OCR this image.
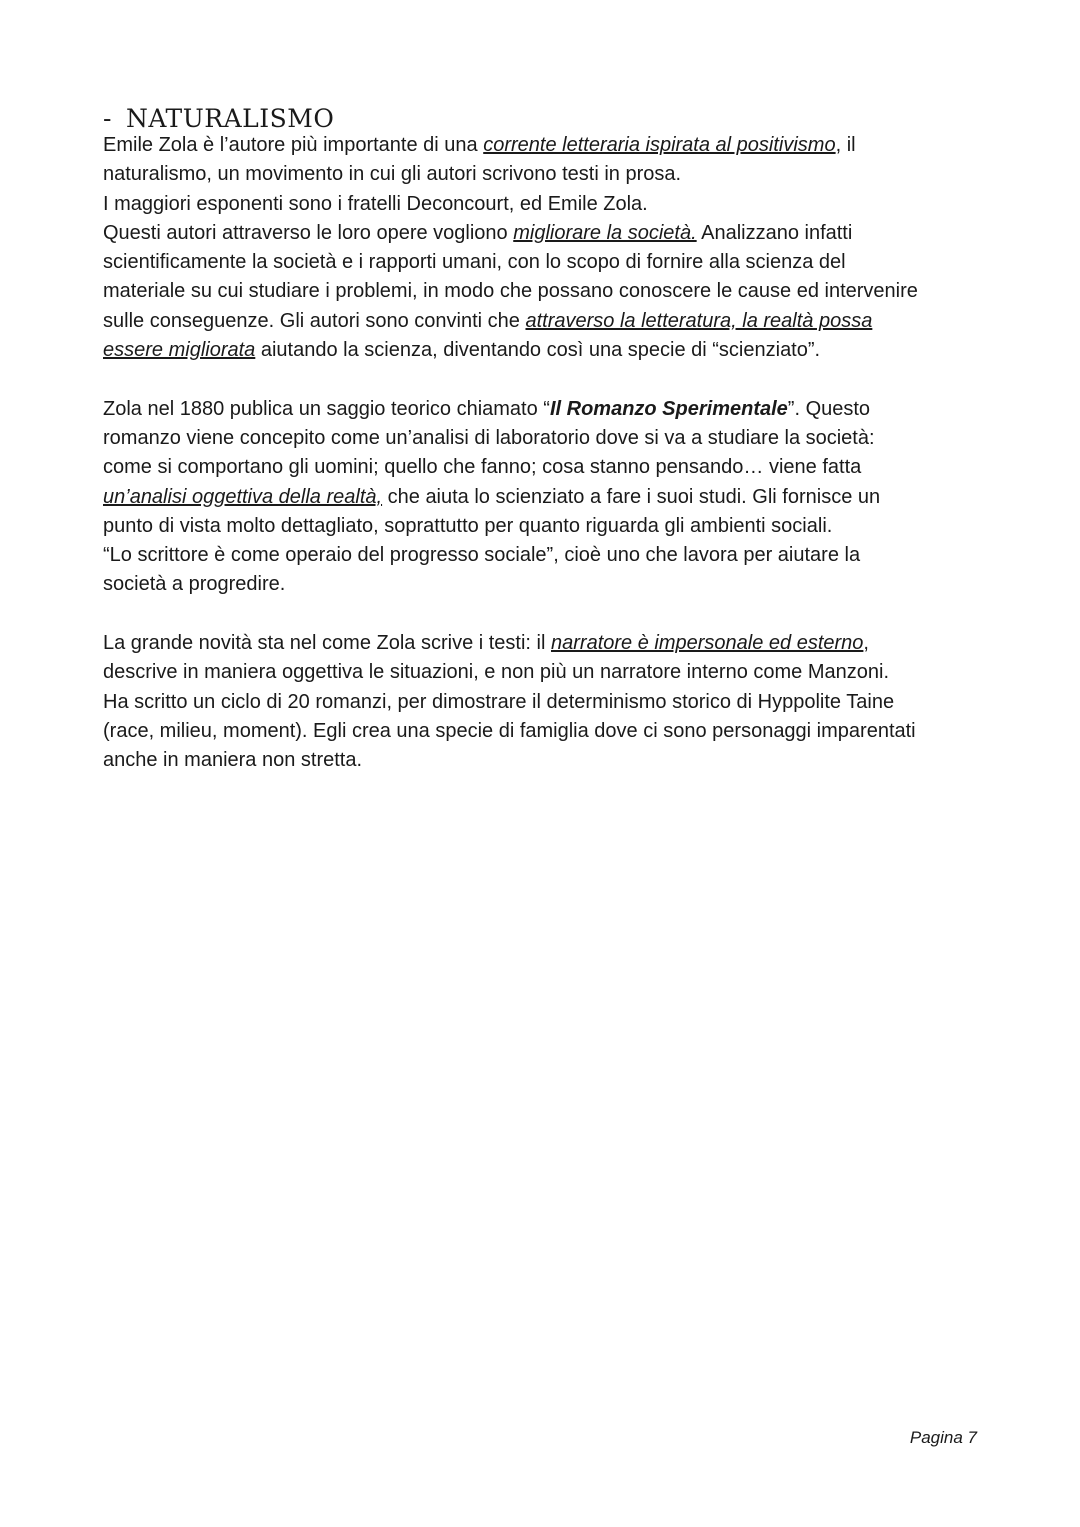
- NATURALISMO

Emile Zola è l’autore più importante di una corrente letteraria ispirata al positivismo, il

naturalismo, un movimento in cui gli autori scrivono testi in prosa.

I maggiori esponenti sono i fratelli Deconcourt, ed Emile Zola.

Questi autori attraverso le loro opere vogliono migliorare la società. Analizzano infatti

scientificamente la società e i rapporti umani, con lo scopo di fornire alla scienza del

materiale su cui studiare i problemi, in modo che possano conoscere le cause ed intervenire

sulle conseguenze. Gli autori sono convinti che attraverso la letteratura, la realtà possa

essere migliorata aiutando la scienza, diventando così una specie di “scienziato”.

Zola nel 1880 publica un saggio teorico chiamato “Il Romanzo Sperimentale”. Questo

romanzo viene concepito come un’analisi di laboratorio dove si va a studiare la società:

come si comportano gli uomini; quello che fanno; cosa stanno pensando… viene fatta

un’analisi oggettiva della realtà, che aiuta lo scienziato a fare i suoi studi. Gli fornisce un

punto di vista molto dettagliato, soprattutto per quanto riguarda gli ambienti sociali.

“Lo scrittore è come operaio del progresso sociale”, cioè uno che lavora per aiutare la

società a progredire.

La grande novità sta nel come Zola scrive i testi: il narratore è impersonale ed esterno,

descrive in maniera oggettiva le situazioni, e non più un narratore interno come Manzoni.

Ha scritto un ciclo di 20 romanzi, per dimostrare il determinismo storico di Hyppolite Taine

(race, milieu, moment). Egli crea una specie di famiglia dove ci sono personaggi imparentati

anche in maniera non stretta.

Pagina 7
